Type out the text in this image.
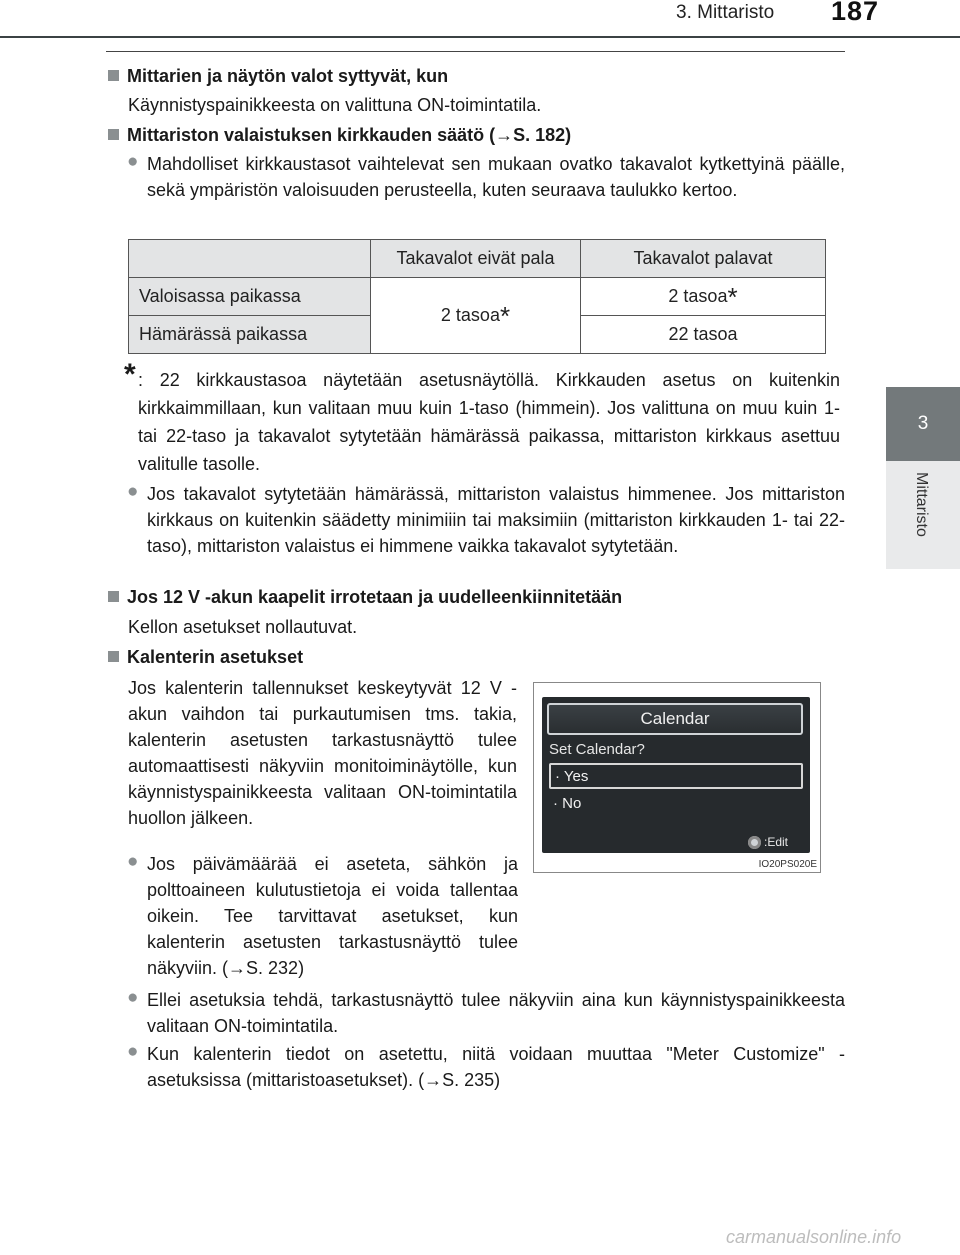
3. Mittaristo 187
3
Mittaristo
Mittarien ja näytön valot syttyvät, kun
Käynnistyspainikkeesta on valittuna ON-toimintatila.
Mittariston valaistuksen kirkkauden säätö (→S. 182)
● Mahdolliset kirkkaustasot vaihtelevat sen mukaan ovatko takavalot kytkettyinä päälle, sekä ympäristön valoisuuden perusteella, kuten seuraava taulukko kertoo.
	Takavalot eivät pala	Takavalot palavat
Valoisassa paikassa	2 tasoa*	2 tasoa*
Hämärässä paikassa		22 tasoa
* : 22 kirkkaustasoa näytetään asetusnäytöllä. Kirkkauden asetus on kuitenkin kirkkaimmillaan, kun valitaan muu kuin 1-taso (himmein). Jos valittuna on muu kuin 1- tai 22-taso ja takavalot sytytetään hämärässä paikassa, mittariston kirkkaus asettuu valitulle tasolle.
● Jos takavalot sytytetään hämärässä, mittariston valaistus himmenee. Jos mittariston kirkkaus on kuitenkin säädetty minimiiin tai maksimiin (mittariston kirkkauden 1- tai 22-taso), mittariston valaistus ei himmene vaikka takavalot sytytetään.
Jos 12 V -akun kaapelit irrotetaan ja uudelleenkiinnitetään
Kellon asetukset nollautuvat.
Kalenterin asetukset
Jos kalenterin tallennukset keskeytyvät 12 V -akun vaihdon tai purkautumisen tms. takia, kalenterin asetusten tarkastusnäyttö tulee automaattisesti näkyviin monitoiminäytölle, kun käynnistyspainikkeesta valitaan ON-toimintatila huollon jälkeen.
● Jos päivämäärää ei aseteta, sähkön ja polttoaineen kulutustietoja ei voida tallentaa oikein. Tee tarvittavat asetukset, kun kalenterin asetusten tarkastusnäyttö tulee näkyviin. (→S. 232)
Calendar
Set Calendar?
· Yes
· No
:Edit
IO20PS020E
● Ellei asetuksia tehdä, tarkastusnäyttö tulee näkyviin aina kun käynnistyspainikkeesta valitaan ON-toimintatila.
● Kun kalenterin tiedot on asetettu, niitä voidaan muuttaa "Meter Customize" -asetuksissa (mittaristoasetukset). (→S. 235)
carmanualsonline.info
